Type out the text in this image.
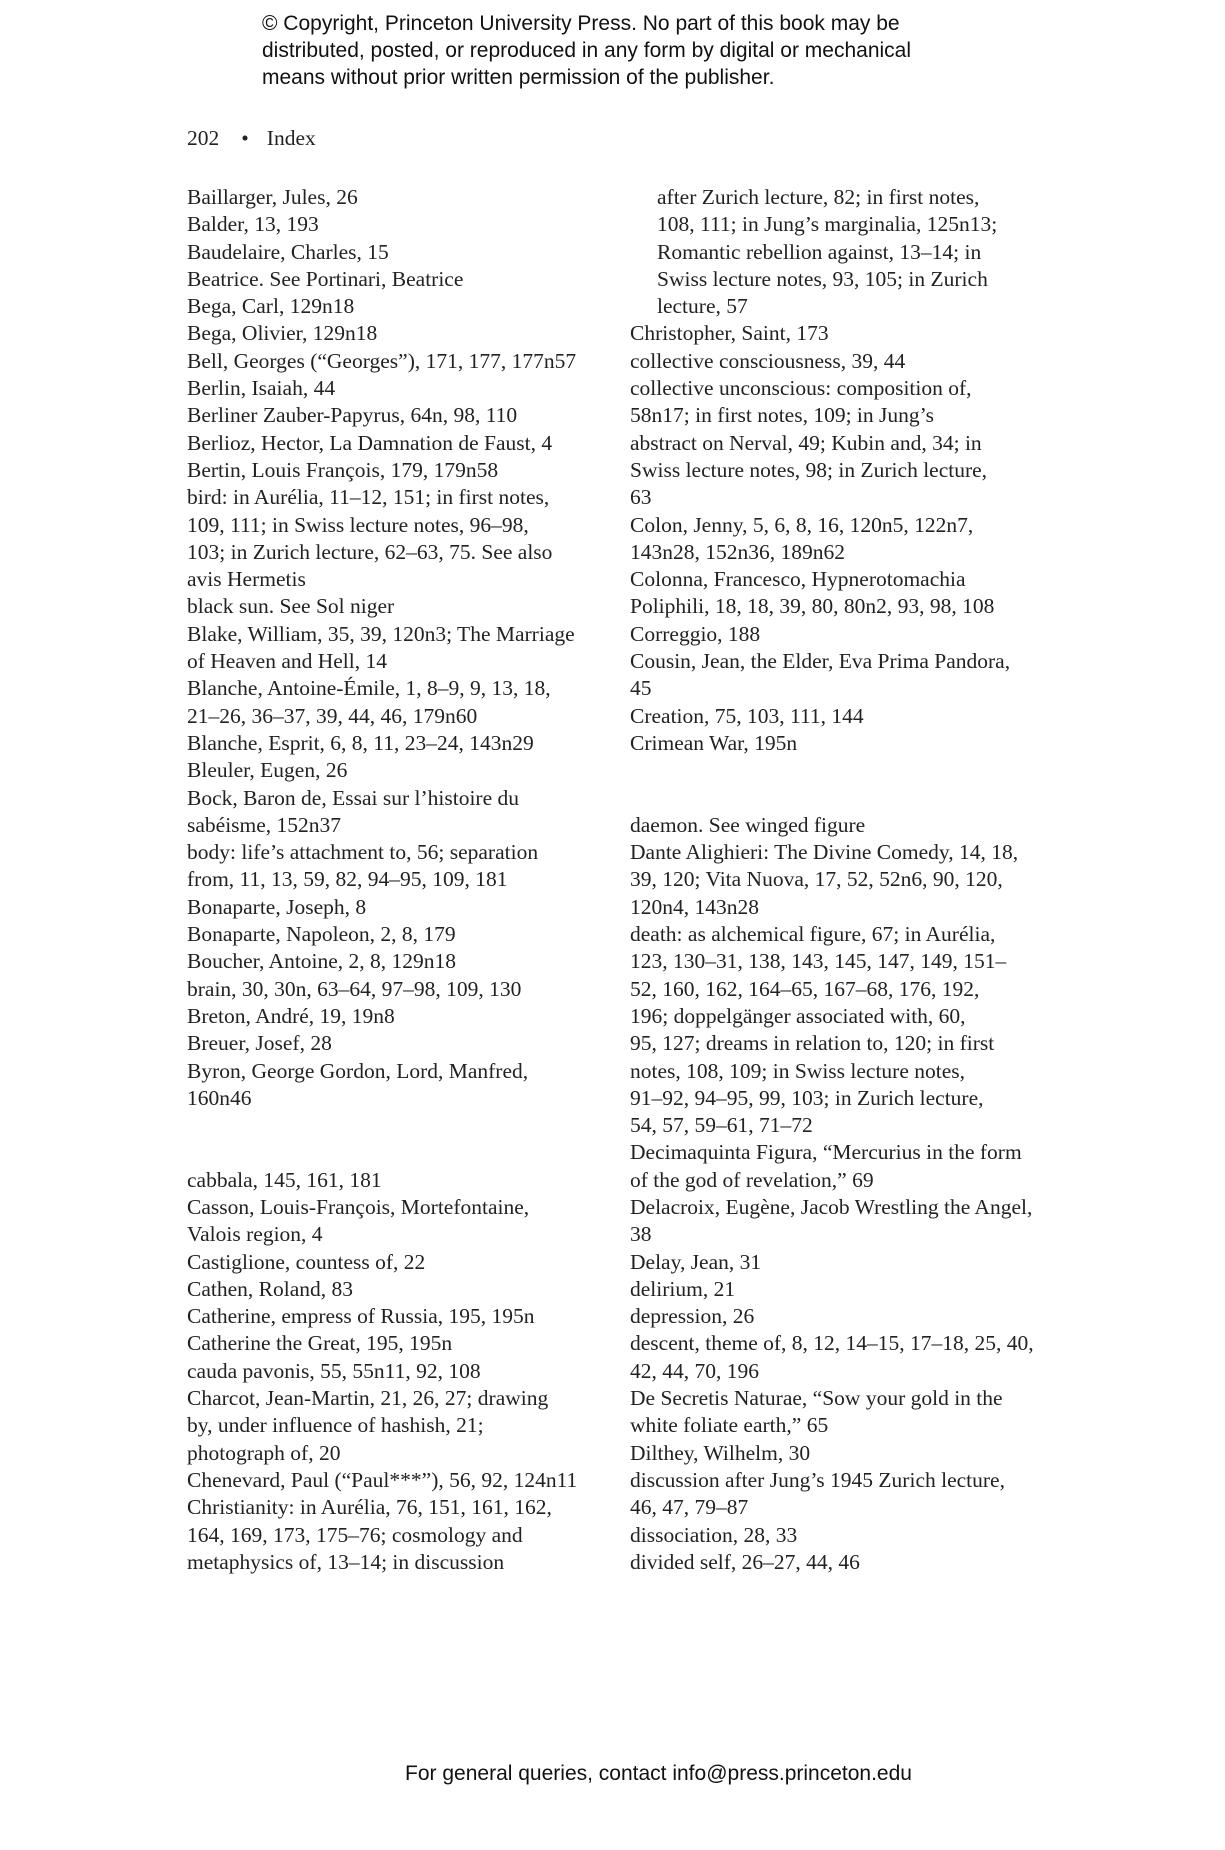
© Copyright, Princeton University Press. No part of this book may be
distributed, posted, or reproduced in any form by digital or mechanical
means without prior written permission of the publisher.
202 • Index
Baillarger, Jules, 26
Balder, 13, 193
Baudelaire, Charles, 15
Beatrice. See Portinari, Beatrice
Bega, Carl, 129n18
Bega, Olivier, 129n18
Bell, Georges (“Georges”), 171, 177, 177n57
Berlin, Isaiah, 44
Berliner Zauber-Papyrus, 64n, 98, 110
Berlioz, Hector, La Damnation de Faust, 4
Bertin, Louis François, 179, 179n58
bird: in Aurélia, 11–12, 151; in first notes,
109, 111; in Swiss lecture notes, 96–98,
103; in Zurich lecture, 62–63, 75. See also
avis Hermetis
black sun. See Sol niger
Blake, William, 35, 39, 120n3; The Marriage
of Heaven and Hell, 14
Blanche, Antoine-Émile, 1, 8–9, 9, 13, 18,
21–26, 36–37, 39, 44, 46, 179n60
Blanche, Esprit, 6, 8, 11, 23–24, 143n29
Bleuler, Eugen, 26
Bock, Baron de, Essai sur l’histoire du
sabéisme, 152n37
body: life’s attachment to, 56; separation
from, 11, 13, 59, 82, 94–95, 109, 181
Bonaparte, Joseph, 8
Bonaparte, Napoleon, 2, 8, 179
Boucher, Antoine, 2, 8, 129n18
brain, 30, 30n, 63–64, 97–98, 109, 130
Breton, André, 19, 19n8
Breuer, Josef, 28
Byron, George Gordon, Lord, Manfred,
160n46
cabbala, 145, 161, 181
Casson, Louis-François, Mortefontaine,
Valois region, 4
Castiglione, countess of, 22
Cathen, Roland, 83
Catherine, empress of Russia, 195, 195n
Catherine the Great, 195, 195n
cauda pavonis, 55, 55n11, 92, 108
Charcot, Jean-Martin, 21, 26, 27; drawing
by, under influence of hashish, 21;
photograph of, 20
Chenevard, Paul (“Paul***”), 56, 92, 124n11
Christianity: in Aurélia, 76, 151, 161, 162,
164, 169, 173, 175–76; cosmology and
metaphysics of, 13–14; in discussion
after Zurich lecture, 82; in first notes,
108, 111; in Jung’s marginalia, 125n13;
Romantic rebellion against, 13–14; in
Swiss lecture notes, 93, 105; in Zurich
lecture, 57
Christopher, Saint, 173
collective consciousness, 39, 44
collective unconscious: composition of,
58n17; in first notes, 109; in Jung’s
abstract on Nerval, 49; Kubin and, 34; in
Swiss lecture notes, 98; in Zurich lecture,
63
Colon, Jenny, 5, 6, 8, 16, 120n5, 122n7,
143n28, 152n36, 189n62
Colonna, Francesco, Hypnerotomachia
Poliphili, 18, 18, 39, 80, 80n2, 93, 98, 108
Correggio, 188
Cousin, Jean, the Elder, Eva Prima Pandora,
45
Creation, 75, 103, 111, 144
Crimean War, 195n
daemon. See winged figure
Dante Alighieri: The Divine Comedy, 14, 18,
39, 120; Vita Nuova, 17, 52, 52n6, 90, 120,
120n4, 143n28
death: as alchemical figure, 67; in Aurélia,
123, 130–31, 138, 143, 145, 147, 149, 151–
52, 160, 162, 164–65, 167–68, 176, 192,
196; doppelgänger associated with, 60,
95, 127; dreams in relation to, 120; in first
notes, 108, 109; in Swiss lecture notes,
91–92, 94–95, 99, 103; in Zurich lecture,
54, 57, 59–61, 71–72
Decimaquinta Figura, “Mercurius in the form
of the god of revelation,” 69
Delacroix, Eugène, Jacob Wrestling the Angel,
38
Delay, Jean, 31
delirium, 21
depression, 26
descent, theme of, 8, 12, 14–15, 17–18, 25, 40,
42, 44, 70, 196
De Secretis Naturae, “Sow your gold in the
white foliate earth,” 65
Dilthey, Wilhelm, 30
discussion after Jung’s 1945 Zurich lecture,
46, 47, 79–87
dissociation, 28, 33
divided self, 26–27, 44, 46
For general queries, contact info@press.princeton.edu
